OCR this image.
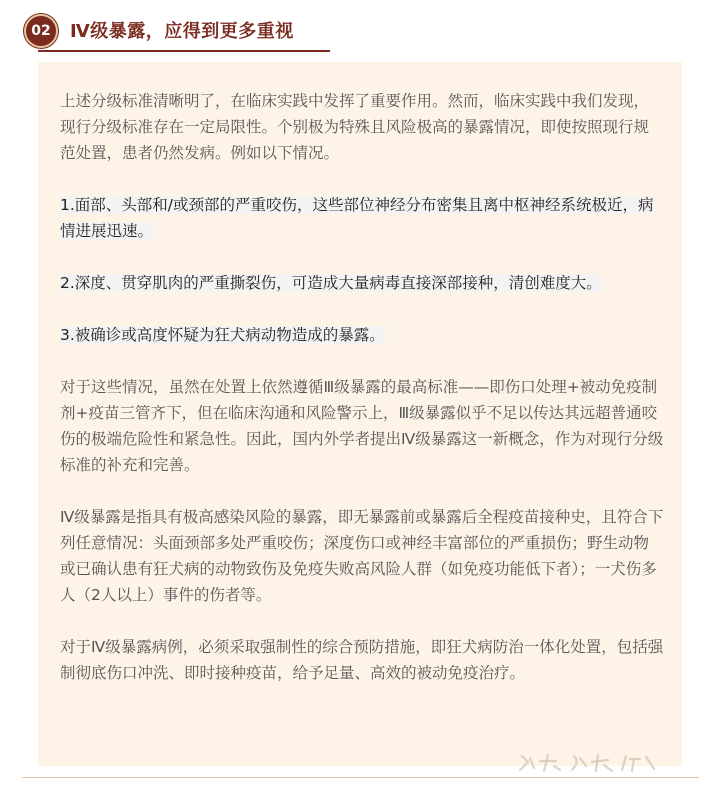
02	Ⅳ级暴露，应得到更多重视

上述分级标准清晰明了，在临床实践中发挥了重要作用。然而，临床实践中我们发现，现行分级标准存在一定局限性。个别极为特殊且风险极高的暴露情况，即使按照现行规范处置，患者仍然发病。例如以下情况。

1.面部、头部和/或颈部的严重咬伤，这些部位神经分布密集且离中枢神经系统极近，病情进展迅速。

2.深度、贯穿肌肉的严重撕裂伤，可造成大量病毒直接深部接种，清创难度大。

3.被确诊或高度怀疑为狂犬病动物造成的暴露。

对于这些情况，虽然在处置上依然遵循Ⅲ级暴露的最高标准——即伤口处理+被动免疫制剂+疫苗三管齐下，但在临床沟通和风险警示上，Ⅲ级暴露似乎不足以传达其远超普通咬伤的极端危险性和紧急性。因此，国内外学者提出Ⅳ级暴露这一新概念，作为对现行分级标准的补充和完善。

Ⅳ级暴露是指具有极高感染风险的暴露，即无暴露前或暴露后全程疫苗接种史，且符合下列任意情况：头面颈部多处严重咬伤；深度伤口或神经丰富部位的严重损伤；野生动物或已确认患有狂犬病的动物致伤及免疫失败高风险人群（如免疫功能低下者）；一犬伤多人（2人以上）事件的伤者等。

对于Ⅳ级暴露病例，必须采取强制性的综合预防措施，即狂犬病防治一体化处置，包括强制彻底伤口冲洗、即时接种疫苗，给予足量、高效的被动免疫治疗。
